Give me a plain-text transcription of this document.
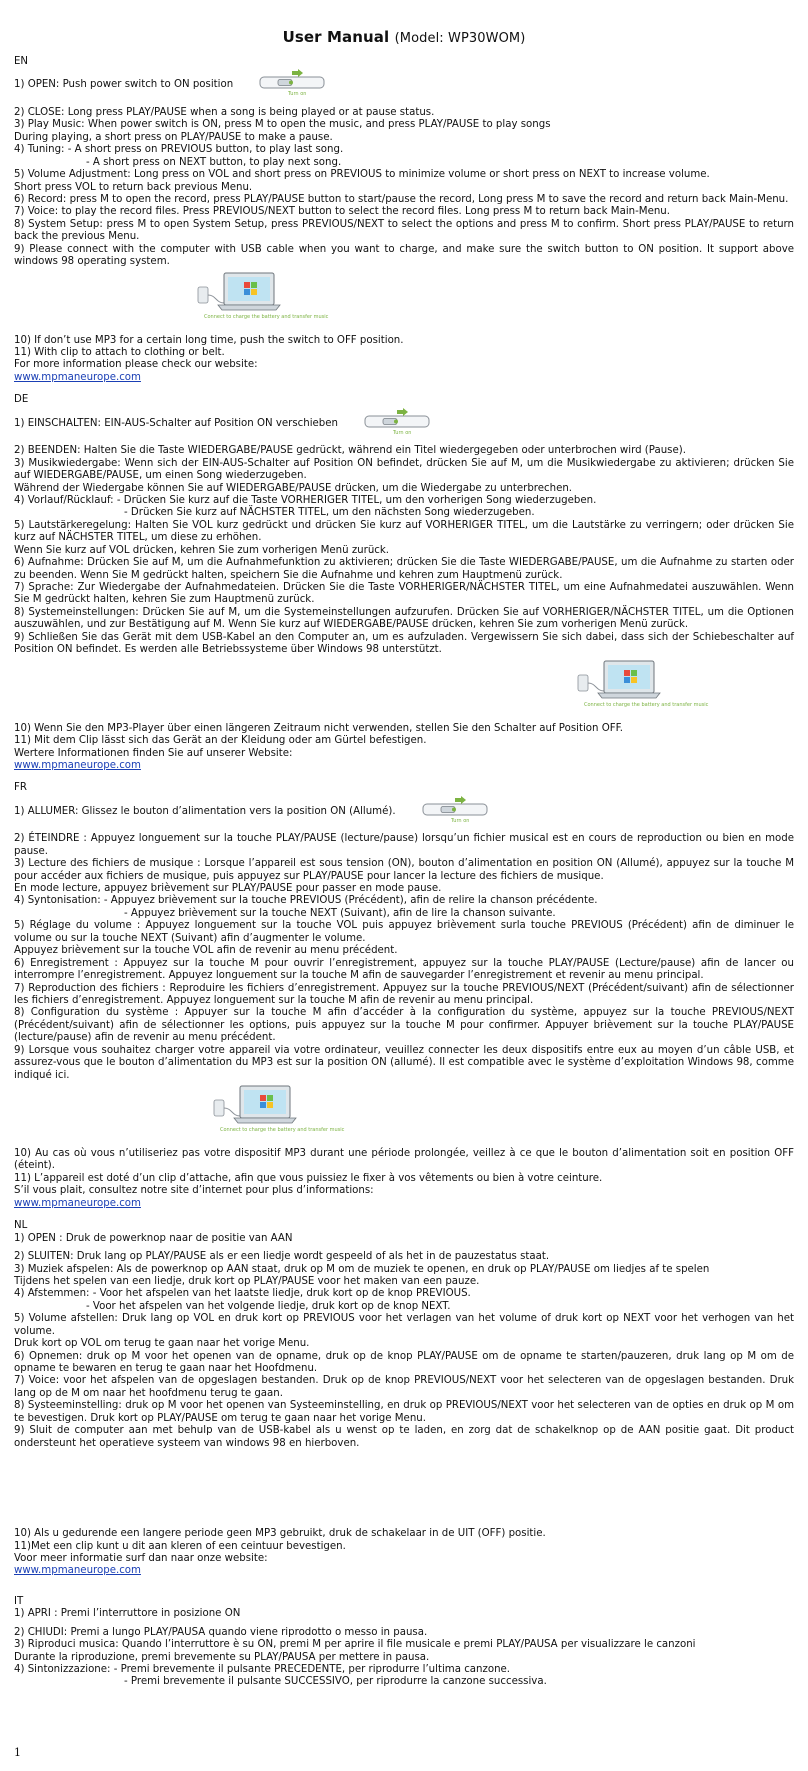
User Manual (Model: WP30WOM)
EN
1) OPEN: Push power switch to ON position
Turn on
2) CLOSE: Long press PLAY/PAUSE when a song is being played or at pause status.
3) Play Music: When power switch is ON, press M to open the music, and press PLAY/PAUSE to play songs
During playing, a short press on PLAY/PAUSE to make a pause.
4) Tuning: - A short press on PREVIOUS button, to play last song.
- A short press on NEXT button, to play next song.
5) Volume Adjustment: Long press on VOL and short press on PREVIOUS to minimize volume or short press on NEXT to increase volume.
Short press VOL to return back previous Menu.
6) Record: press M to open the record, press PLAY/PAUSE button to start/pause the record, Long press M to save the record and return back Main-Menu.
7) Voice: to play the record files. Press PREVIOUS/NEXT button to select the record files. Long press M to return back Main-Menu.
8) System Setup: press M to open System Setup, press PREVIOUS/NEXT to select the options and press M to confirm. Short press PLAY/PAUSE to return back the previous Menu.
9) Please connect with the computer with USB cable when you want to charge, and make sure the switch button to ON position. It support above windows 98 operating system.
Connect to charge the battery and transfer music
10) If don’t use MP3 for a certain long time, push the switch to OFF position.
11) With clip to attach to clothing or belt.
For more information please check our website:
www.mpmaneurope.com
DE
1) EINSCHALTEN: EIN-AUS-Schalter auf Position ON verschieben
Turn on
2) BEENDEN: Halten Sie die Taste WIEDERGABE/PAUSE gedrückt, während ein Titel wiedergegeben oder unterbrochen wird (Pause).
3) Musikwiedergabe: Wenn sich der EIN-AUS-Schalter auf Position ON befindet, drücken Sie auf M, um die Musikwiedergabe zu aktivieren; drücken Sie auf WIEDERGABE/PAUSE, um einen Song wiederzugeben.
Während der Wiedergabe können Sie auf WIEDERGABE/PAUSE drücken, um die Wiedergabe zu unterbrechen.
4) Vorlauf/Rücklauf: - Drücken Sie kurz auf die Taste VORHERIGER TITEL, um den vorherigen Song wiederzugeben.
- Drücken Sie kurz auf NÄCHSTER TITEL, um den nächsten Song wiederzugeben.
5) Lautstärkeregelung: Halten Sie VOL kurz gedrückt und drücken Sie kurz auf VORHERIGER TITEL, um die Lautstärke zu verringern; oder drücken Sie kurz auf NÄCHSTER TITEL, um diese zu erhöhen.
Wenn Sie kurz auf VOL drücken, kehren Sie zum vorherigen Menü zurück.
6) Aufnahme: Drücken Sie auf M, um die Aufnahmefunktion zu aktivieren; drücken Sie die Taste WIEDERGABE/PAUSE, um die Aufnahme zu starten oder zu beenden. Wenn Sie M gedrückt halten, speichern Sie die Aufnahme und kehren zum Hauptmenü zurück.
7) Sprache: Zur Wiedergabe der Aufnahmedateien. Drücken Sie die Taste VORHERIGER/NÄCHSTER TITEL, um eine Aufnahmedatei auszuwählen. Wenn Sie M gedrückt halten, kehren Sie zum Hauptmenü zurück.
8) Systemeinstellungen: Drücken Sie auf M, um die Systemeinstellungen aufzurufen. Drücken Sie auf VORHERIGER/NÄCHSTER TITEL, um die Optionen auszuwählen, und zur Bestätigung auf M. Wenn Sie kurz auf WIEDERGABE/PAUSE drücken, kehren Sie zum vorherigen Menü zurück.
9) Schließen Sie das Gerät mit dem USB-Kabel an den Computer an, um es aufzuladen. Vergewissern Sie sich dabei, dass sich der Schiebeschalter auf Position ON befindet. Es werden alle Betriebssysteme über Windows 98 unterstützt.
Connect to charge the battery and transfer music
10) Wenn Sie den MP3-Player über einen längeren Zeitraum nicht verwenden, stellen Sie den Schalter auf Position OFF.
11) Mit dem Clip lässt sich das Gerät an der Kleidung oder am Gürtel befestigen.
Wertere Informationen finden Sie auf unserer Website:
www.mpmaneurope.com
FR
1) ALLUMER: Glissez le bouton d’alimentation vers la position ON (Allumé).
Turn on
2) ÉTEINDRE : Appuyez longuement sur la touche PLAY/PAUSE (lecture/pause) lorsqu’un fichier musical est en cours de reproduction ou bien en mode pause.
3) Lecture des fichiers de musique : Lorsque l’appareil est sous tension (ON), bouton d’alimentation en position ON (Allumé), appuyez sur la touche M pour accéder aux fichiers de musique, puis appuyez sur PLAY/PAUSE pour lancer la lecture des fichiers de musique.
En mode lecture, appuyez brièvement sur PLAY/PAUSE pour passer en mode pause.
4) Syntonisation: - Appuyez brièvement sur la touche PREVIOUS (Précédent), afin de relire la chanson précédente.
- Appuyez brièvement sur la touche NEXT (Suivant), afin de lire la chanson suivante.
5) Réglage du volume : Appuyez longuement sur la touche VOL puis appuyez brièvement surla touche PREVIOUS (Précédent) afin de diminuer le volume ou sur la touche NEXT (Suivant) afin d’augmenter le volume.
Appuyez brièvement sur la touche VOL afin de revenir au menu précédent.
6) Enregistrement : Appuyez sur la touche M pour ouvrir l’enregistrement, appuyez sur la touche PLAY/PAUSE (Lecture/pause) afin de lancer ou interrompre l’enregistrement. Appuyez longuement sur la touche M afin de sauvegarder l’enregistrement et revenir au menu principal.
7) Reproduction des fichiers : Reproduire les fichiers d’enregistrement. Appuyez sur la touche PREVIOUS/NEXT (Précédent/suivant) afin de sélectionner les fichiers d’enregistrement. Appuyez longuement sur la touche M afin de revenir au menu principal.
8) Configuration du système : Appuyer sur la touche M afin d’accéder à la configuration du système, appuyez sur la touche PREVIOUS/NEXT (Précédent/suivant) afin de sélectionner les options, puis appuyez sur la touche M pour confirmer. Appuyer brièvement sur la touche PLAY/PAUSE (lecture/pause) afin de revenir au menu précédent.
9) Lorsque vous souhaitez charger votre appareil via votre ordinateur, veuillez connecter les deux dispositifs entre eux au moyen d’un câble USB, et assurez-vous que le bouton d’alimentation du MP3 est sur la position ON (allumé). Il est compatible avec le système d’exploitation Windows 98, comme indiqué ici.
Connect to charge the battery and transfer music
10) Au cas où vous n’utiliseriez pas votre dispositif MP3 durant une période prolongée, veillez à ce que le bouton d’alimentation soit en position OFF (éteint).
11) L’appareil est doté d’un clip d’attache, afin que vous puissiez le fixer à vos vêtements ou bien à votre ceinture.
S’il vous plait, consultez notre site d’internet pour plus d’informations:
www.mpmaneurope.com
NL
1) OPEN : Druk de powerknop naar de positie van AAN
2) SLUITEN: Druk lang op PLAY/PAUSE als er een liedje wordt gespeeld of als het in de pauzestatus staat.
3) Muziek afspelen: Als de powerknop op AAN staat, druk op M om de muziek te openen, en druk op PLAY/PAUSE om liedjes af te spelen
Tijdens het spelen van een liedje, druk kort op PLAY/PAUSE voor het maken van een pauze.
4) Afstemmen: - Voor het afspelen van het laatste liedje, druk kort op de knop PREVIOUS.
- Voor het afspelen van het volgende liedje, druk kort op de knop NEXT.
5) Volume afstellen: Druk lang op VOL en druk kort op PREVIOUS voor het verlagen van het volume of druk kort op NEXT voor het verhogen van het volume.
Druk kort op VOL om terug te gaan naar het vorige Menu.
6) Opnemen: druk op M voor het openen van de opname, druk op de knop PLAY/PAUSE om de opname te starten/pauzeren, druk lang op M om de opname te bewaren en terug te gaan naar het Hoofdmenu.
7) Voice: voor het afspelen van de opgeslagen bestanden. Druk op de knop PREVIOUS/NEXT voor het selecteren van de opgeslagen bestanden. Druk lang op de M om naar het hoofdmenu terug te gaan.
8) Systeeminstelling: druk op M voor het openen van Systeeminstelling, en druk op PREVIOUS/NEXT voor het selecteren van de opties en druk op M om te bevestigen. Druk kort op PLAY/PAUSE om terug te gaan naar het vorige Menu.
9) Sluit de computer aan met behulp van de USB-kabel als u wenst op te laden, en zorg dat de schakelknop op de AAN positie gaat. Dit product ondersteunt het operatieve systeem van windows 98 en hierboven.
10) Als u gedurende een langere periode geen MP3 gebruikt, druk de schakelaar in de UIT (OFF) positie.
11)Met een clip kunt u dit aan kleren of een ceintuur bevestigen.
Voor meer informatie surf dan naar onze website:
www.mpmaneurope.com
IT
1) APRI : Premi l’interruttore in posizione ON
2) CHIUDI: Premi a lungo PLAY/PAUSA quando viene riprodotto o messo in pausa.
3) Riproduci musica: Quando l’interruttore è su ON, premi M per aprire il file musicale e premi PLAY/PAUSA per visualizzare le canzoni
Durante la riproduzione, premi brevemente su PLAY/PAUSA per mettere in pausa.
4) Sintonizzazione: - Premi brevemente il pulsante PRECEDENTE, per riprodurre l’ultima canzone.
- Premi brevemente il pulsante SUCCESSIVO, per riprodurre la canzone successiva.
1
